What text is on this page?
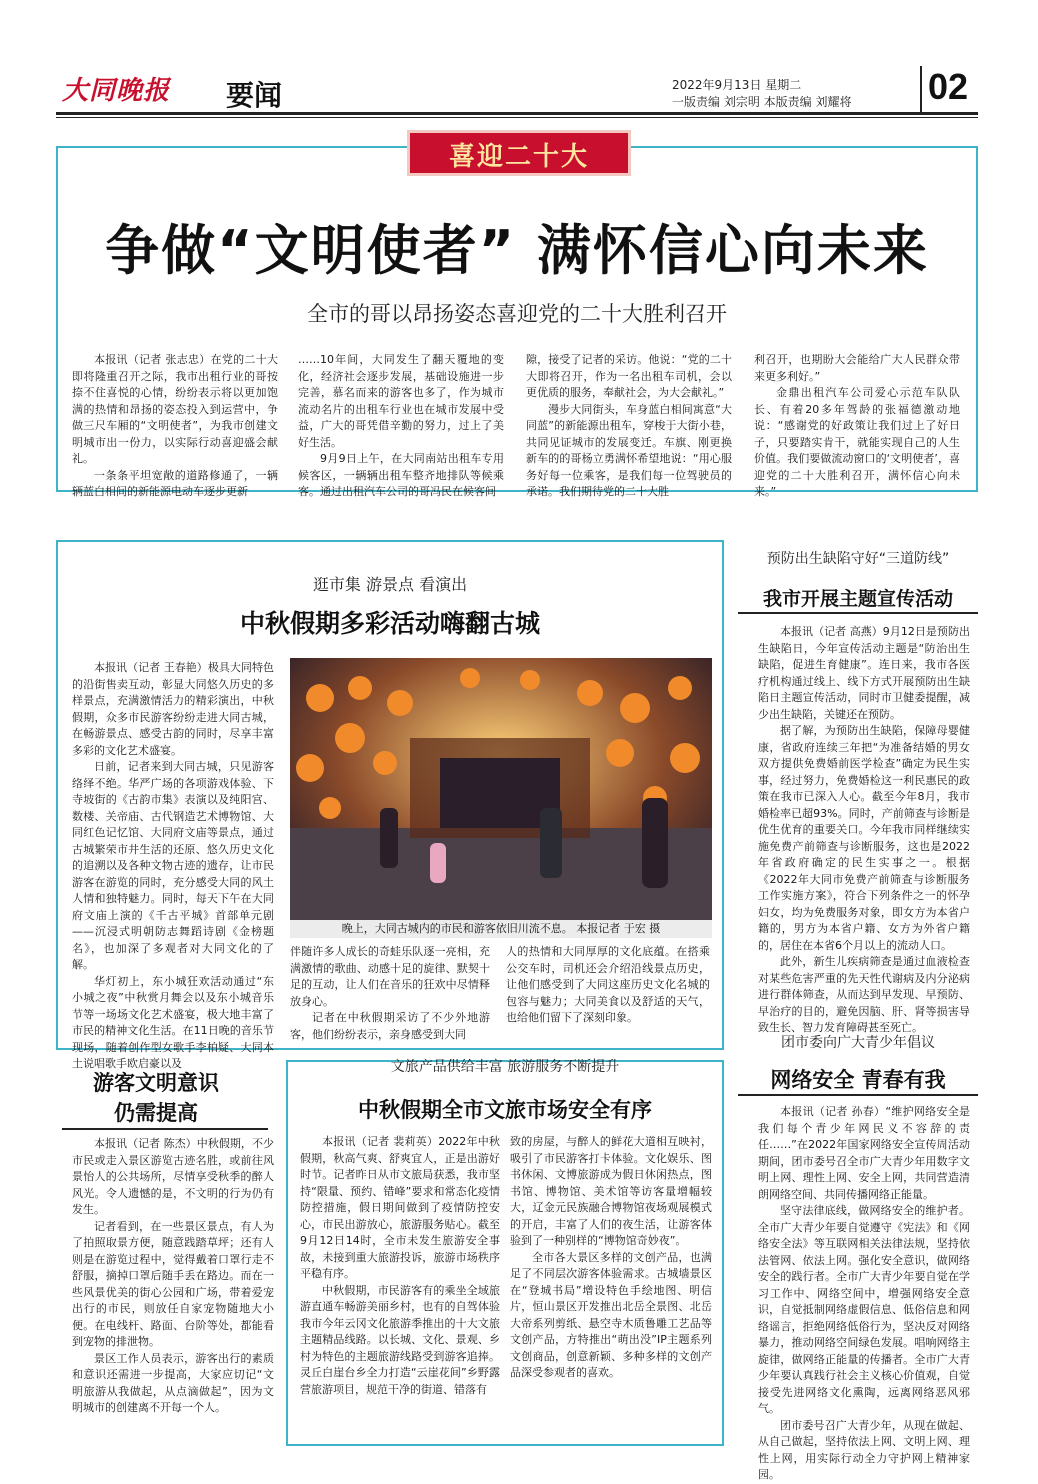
大同晚报 要闻	2022年9月13日 星期二
一版责编 刘宗明 本版责编 刘耀将 02
喜迎二十大
争做“文明使者” 满怀信心向未来
全市的哥以昂扬姿态喜迎党的二十大胜利召开

本报讯（记者 张志忠）在党的二十大即将隆重召开之际，我市出租行业的哥按捺不住喜悦的心情，纷纷表示将以更加饱满的热情和昂扬的姿态投入到运营中，争做三尺车厢的“文明使者”，为我市创建文明城市出一份力，以实际行动喜迎盛会献礼。

一条条平坦宽敞的道路修通了，一辆辆蓝白相间的新能源电动车逐步更新

……10年间，大同发生了翻天覆地的变化，经济社会逐步发展，基础设施进一步完善，慕名而来的游客也多了，作为城市流动名片的出租车行业也在城市发展中受益，广大的哥凭借辛勤的努力，过上了美好生活。

9月9日上午，在大同南站出租车专用候客区，一辆辆出租车整齐地排队等候乘客。通过出租汽车公司的哥冯民在候客间

隙，接受了记者的采访。他说：“党的二十大即将召开，作为一名出租车司机，会以更优质的服务，奉献社会，为大会献礼。”

漫步大同街头，车身蓝白相间寓意“大同蓝”的新能源出租车，穿梭于大街小巷，共同见证城市的发展变迁。车旗、刚更换新车的的哥杨立勇满怀希望地说：“用心服务好每一位乘客，是我们每一位驾驶员的承诺。我们期待党的二十大胜

利召开，也期盼大会能给广大人民群众带来更多利好。”

金鼎出租汽车公司爱心示范车队队长、有着20多年驾龄的张福德激动地说：“感谢党的好政策让我们过上了好日子，只要踏实肯干，就能实现自己的人生价值。我们要做流动窗口的‘文明使者’，喜迎党的二十大胜利召开，满怀信心向未来。”

逛市集 游景点 看演出
中秋假期多彩活动嗨翻古城

本报讯（记者 王春艳）极具大同特色的沿街售卖互动，彰显大同悠久历史的多样景点，充满激情活力的精彩演出，中秋假期，众多市民游客纷纷走进大同古城，在畅游景点、感受古韵的同时，尽享丰富多彩的文化艺术盛宴。

日前，记者来到大同古城，只见游客络绎不绝。华严广场的各项游戏体验、下寺坡街的《古韵市集》表演以及纯阳宫、数楼、关帝庙、古代钢造艺术博物馆、大同红色记忆馆、大同府文庙等景点，通过古城繁荣市井生活的还原、悠久历史文化的追溯以及各种文物古迹的遗存，让市民游客在游览的同时，充分感受大同的风土人情和独特魅力。同时，每天下午在大同府文庙上演的《千古平城》首部单元剧——沉浸式明朝防志舞蹈诗剧《金榜题名》，也加深了多观者对大同文化的了解。

华灯初上，东小城狂欢活动通过“东小城之夜”中秋赏月舞会以及东小城音乐节等一场场文化艺术盛宴，极大地丰富了市民的精神文化生活。在11日晚的音乐节现场，随着创作型女歌手李柏疑、大同本土说唱歌手欧启豪以及

晚上，大同古城内的市民和游客依旧川流不息。 本报记者 于宏 摄

伴随许多人成长的奇蛙乐队逐一亮相，充满激情的歌曲、动感十足的旋律、默契十足的互动，让人们在音乐的狂欢中尽情释放身心。

记者在中秋假期采访了不少外地游客，他们纷纷表示，亲身感受到大同

人的热情和大同厚厚的文化底蕴。在搭乘公交车时，司机还会介绍沿线景点历史，让他们感受到了大同这座历史文化名城的包容与魅力；大同美食以及舒适的天气，也给他们留下了深刻印象。

预防出生缺陷守好“三道防线”
我市开展主题宣传活动

本报讯（记者 高燕）9月12日是预防出生缺陷日，今年宣传活动主题是“防治出生缺陷，促进生育健康”。连日来，我市各医疗机构通过线上、线下方式开展预防出生缺陷日主题宣传活动，同时市卫健委提醒，减少出生缺陷，关键还在预防。

据了解，为预防出生缺陷，保障母婴健康，省政府连续三年把“为准备结婚的男女双方提供免费婚前医学检查”确定为民生实事，经过努力，免费婚检这一利民惠民的政策在我市已深入人心。截至今年8月，我市婚检率已超93%。同时，产前筛查与诊断是优生优育的重要关口。今年我市同样继续实施免费产前筛查与诊断服务，这也是2022年省政府确定的民生实事之一。根据《2022年大同市免费产前筛查与诊断服务工作实施方案》，符合下列条件之一的怀孕妇女，均为免费服务对象，即女方为本省户籍的，男方为本省户籍、女方为外省户籍的，居住在本省6个月以上的流动人口。

此外，新生儿疾病筛查是通过血液检查对某些危害严重的先天性代谢病及内分泌病进行群体筛查，从而达到早发现、早预防、早治疗的目的，避免因脑、肝、肾等损害导致生长、智力发育障碍甚至死亡。

团市委向广大青少年倡议
网络安全 青春有我

本报讯（记者 孙春）“维护网络安全是我们每个青少年网民义不容辞的责任……”在2022年国家网络安全宣传周活动期间，团市委号召全市广大青少年用数字文明上网、理性上网、安全上网，共同营造清朗网络空间、共同传播网络正能量。

坚守法律底线，做网络安全的维护者。全市广大青少年要自觉遵守《宪法》和《网络安全法》等互联网相关法律法规，坚持依法管网、依法上网。强化安全意识，做网络安全的践行者。全市广大青少年要自觉在学习工作中、网络空间中，增强网络安全意识，自觉抵制网络虚假信息、低俗信息和网络谣言，拒绝网络低俗行为，坚决反对网络暴力，推动网络空间绿色发展。唱响网络主旋律，做网络正能量的传播者。全市广大青少年要认真践行社会主义核心价值观，自觉接受先进网络文化熏陶，远离网络恶风邪气。

团市委号召广大青少年，从现在做起、从自己做起，坚持依法上网、文明上网、理性上网，用实际行动全力守护网上精神家园。

游客文明意识
仍需提高

本报讯（记者 陈杰）中秋假期，不少市民或走入景区游览古迹名胜，或前往风景怡人的公共场所，尽情享受秋季的醉人风光。令人遗憾的是，不文明的行为仍有发生。

记者看到，在一些景区景点，有人为了拍照取景方便，随意践踏草坪；还有人则是在游览过程中，觉得戴着口罩行走不舒服，摘掉口罩后随手丢在路边。而在一些风景优美的街心公园和广场，带着爱宠出行的市民，则放任自家宠物随地大小便。在电线杆、路面、台阶等处，都能看到宠物的排泄物。

景区工作人员表示，游客出行的素质和意识还需进一步提高，大家应切记“文明旅游从我做起，从点滴做起”，因为文明城市的创建离不开每一个人。

文旅产品供给丰富 旅游服务不断提升
中秋假期全市文旅市场安全有序

本报讯（记者 裴莉英）2022年中秋假期，秋高气爽、舒爽宜人，正是出游好时节。记者昨日从市文旅局获悉，我市坚持“限量、预约、错峰”要求和常态化疫情防控措施，假日期间做到了疫情防控安心，市民出游放心，旅游服务贴心。截至9月12日14时，全市未发生旅游安全事故，未接到重大旅游投诉，旅游市场秩序平稳有序。

中秋假期，市民游客有的乘坐全域旅游直通车畅游美丽乡村，也有的自驾体验我市今年云冈文化旅游季推出的十大文旅主题精品线路。以长城、文化、景观、乡村为特色的主题旅游线路受到游客追捧。灵丘白崖台乡全力打造“云崖花间”乡野露营旅游项目，规范干净的街道、错落有

致的房屋，与醉人的鲜花大道相互映衬，吸引了市民游客打卡体验。文化娱乐、图书休闲、文博旅游成为假日休闲热点，图书馆、博物馆、美术馆等访客量增幅较大，辽金元民族融合博物馆夜场观展模式的开启，丰富了人们的夜生活，让游客体验到了一种别样的“博物馆奇妙夜”。

全市各大景区多样的文创产品，也满足了不同层次游客体验需求。古城墙景区在“登城书局”增设特色手绘地图、明信片，恒山景区开发推出北岳全景图、北岳大帝系列剪纸、悬空寺木质鲁雕工艺品等文创产品，方特推出“萌出没”IP主题系列文创商品，创意新颖、多种多样的文创产品深受参观者的喜欢。
